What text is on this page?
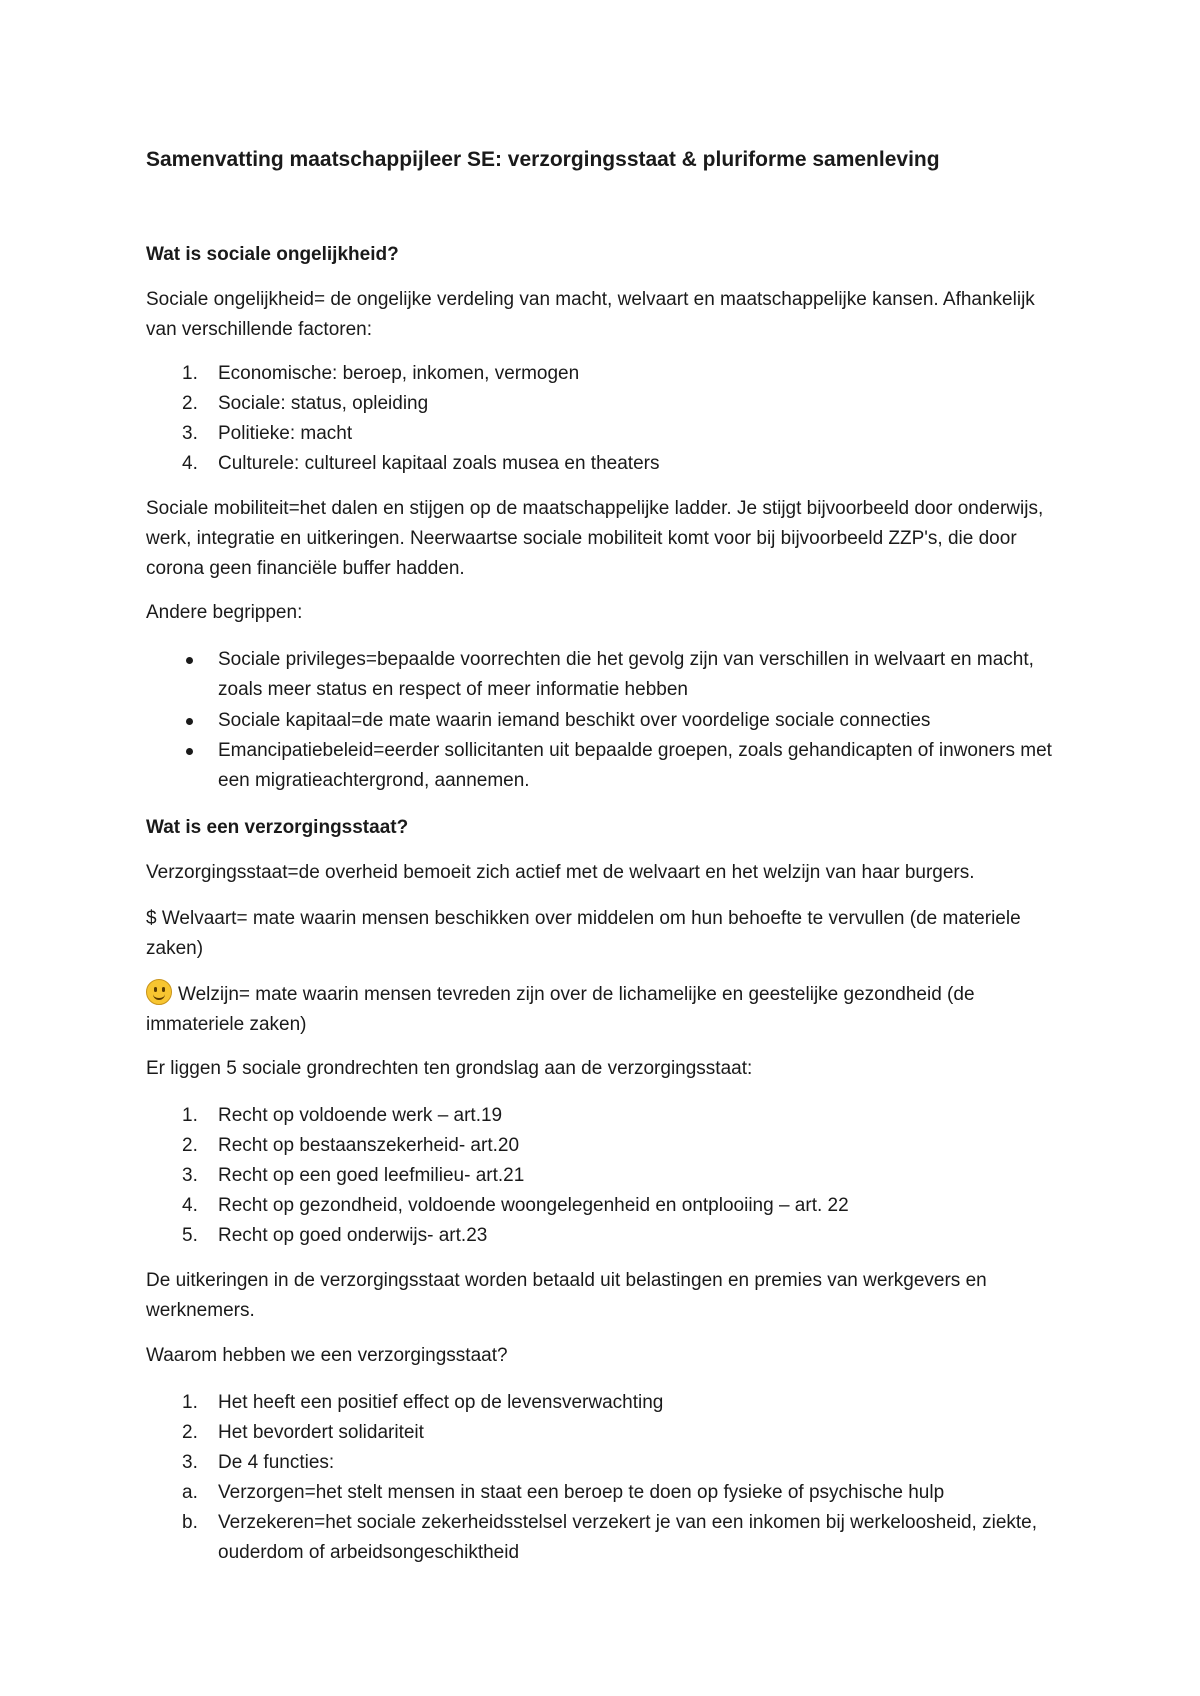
Samenvatting maatschappijleer SE: verzorgingsstaat & pluriforme samenleving
Wat is sociale ongelijkheid?
Sociale ongelijkheid= de ongelijke verdeling van macht, welvaart en maatschappelijke kansen. Afhankelijk van verschillende factoren:
1.	Economische: beroep, inkomen, vermogen
2.	Sociale: status, opleiding
3.	Politieke: macht
4.	Culturele: cultureel kapitaal zoals musea en theaters
Sociale mobiliteit=het dalen en stijgen op de maatschappelijke ladder. Je stijgt bijvoorbeeld door onderwijs, werk, integratie en uitkeringen. Neerwaartse sociale mobiliteit komt voor bij bijvoorbeeld ZZP's, die door corona geen financiële buffer hadden.
Andere begrippen:
Sociale privileges=bepaalde voorrechten die het gevolg zijn van verschillen in welvaart en macht, zoals meer status en respect of meer informatie hebben
Sociale kapitaal=de mate waarin iemand beschikt over voordelige sociale connecties
Emancipatiebeleid=eerder sollicitanten uit bepaalde groepen, zoals gehandicapten of inwoners met een migratieachtergrond, aannemen.
Wat is een verzorgingsstaat?
Verzorgingsstaat=de overheid bemoeit zich actief met de welvaart en het welzijn van haar burgers.
$ Welvaart= mate waarin mensen beschikken over middelen om hun behoefte te vervullen (de materiele zaken)
Welzijn= mate waarin mensen tevreden zijn over de lichamelijke en geestelijke gezondheid (de immateriele zaken)
Er liggen 5 sociale grondrechten ten grondslag aan de verzorgingsstaat:
1.	Recht op voldoende werk – art.19
2.	Recht op bestaanszekerheid- art.20
3.	Recht op een goed leefmilieu- art.21
4.	Recht op gezondheid, voldoende woongelegenheid en ontplooiing – art. 22
5.	Recht op goed onderwijs- art.23
De uitkeringen in de verzorgingsstaat worden betaald uit belastingen en premies van werkgevers en werknemers.
Waarom hebben we een verzorgingsstaat?
1.	Het heeft een positief effect op de levensverwachting
2.	Het bevordert solidariteit
3.	De 4 functies:
a.	Verzorgen=het stelt mensen in staat een beroep te doen op fysieke of psychische hulp
b.	Verzekeren=het sociale zekerheidsstelsel verzekert je van een inkomen bij werkeloosheid, ziekte, ouderdom of arbeidsongeschiktheid
